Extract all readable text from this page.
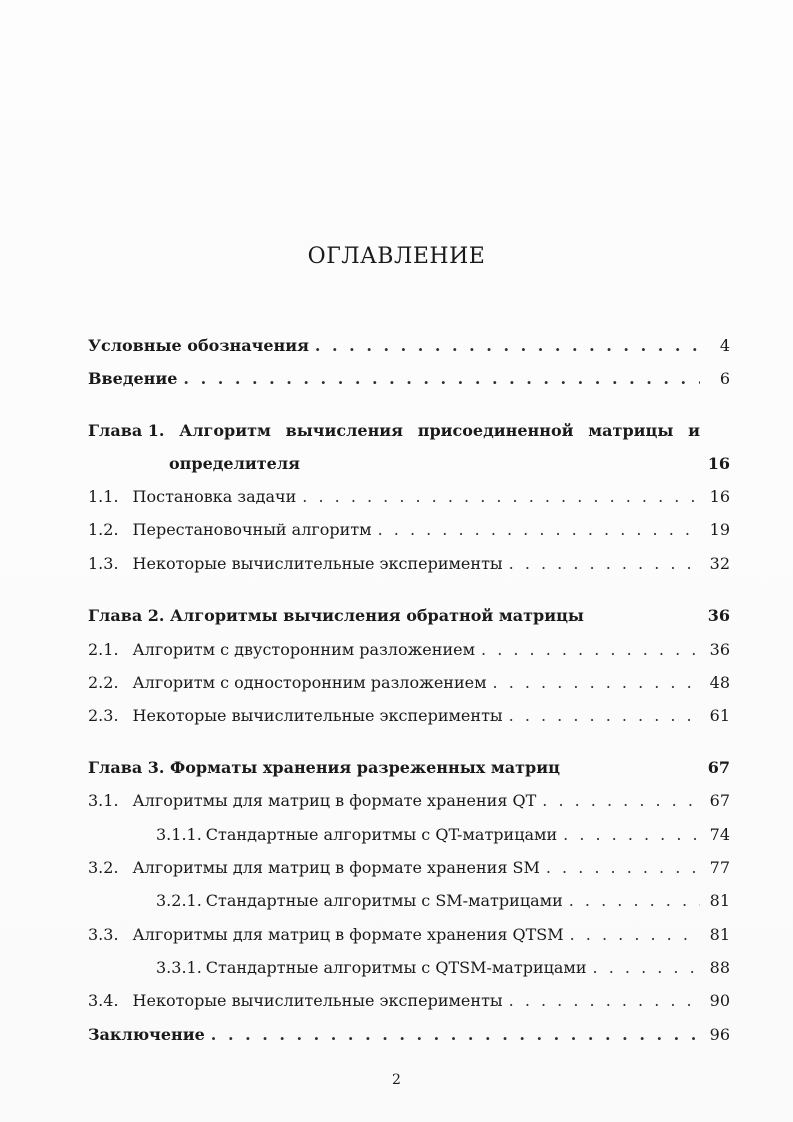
ОГЛАВЛЕНИЕ
Условные обозначения . . .	4
Введение . . .	6
Глава 1. Алгоритм вычисления присоединенной матрицы и
определителя	16
1.1. Постановка задачи . . .	16
1.2. Перестановочный алгоритм . . .	19
1.3. Некоторые вычислительные эксперименты . . .	32
Глава 2. Алгоритмы вычисления обратной матрицы	36
2.1. Алгоритм с двусторонним разложением . . .	36
2.2. Алгоритм с односторонним разложением . . .	48
2.3. Некоторые вычислительные эксперименты . . .	61
Глава 3. Форматы хранения разреженных матриц	67
3.1. Алгоритмы для матриц в формате хранения QT . . .	67
3.1.1. Стандартные алгоритмы с QT-матрицами . . .	74
3.2. Алгоритмы для матриц в формате хранения SM . . .	77
3.2.1. Стандартные алгоритмы с SM-матрицами . . .	81
3.3. Алгоритмы для матриц в формате хранения QTSM . . .	81
3.3.1. Стандартные алгоритмы с QTSM-матрицами . . .	88
3.4. Некоторые вычислительные эксперименты . . .	90
Заключение . . .	96
2
